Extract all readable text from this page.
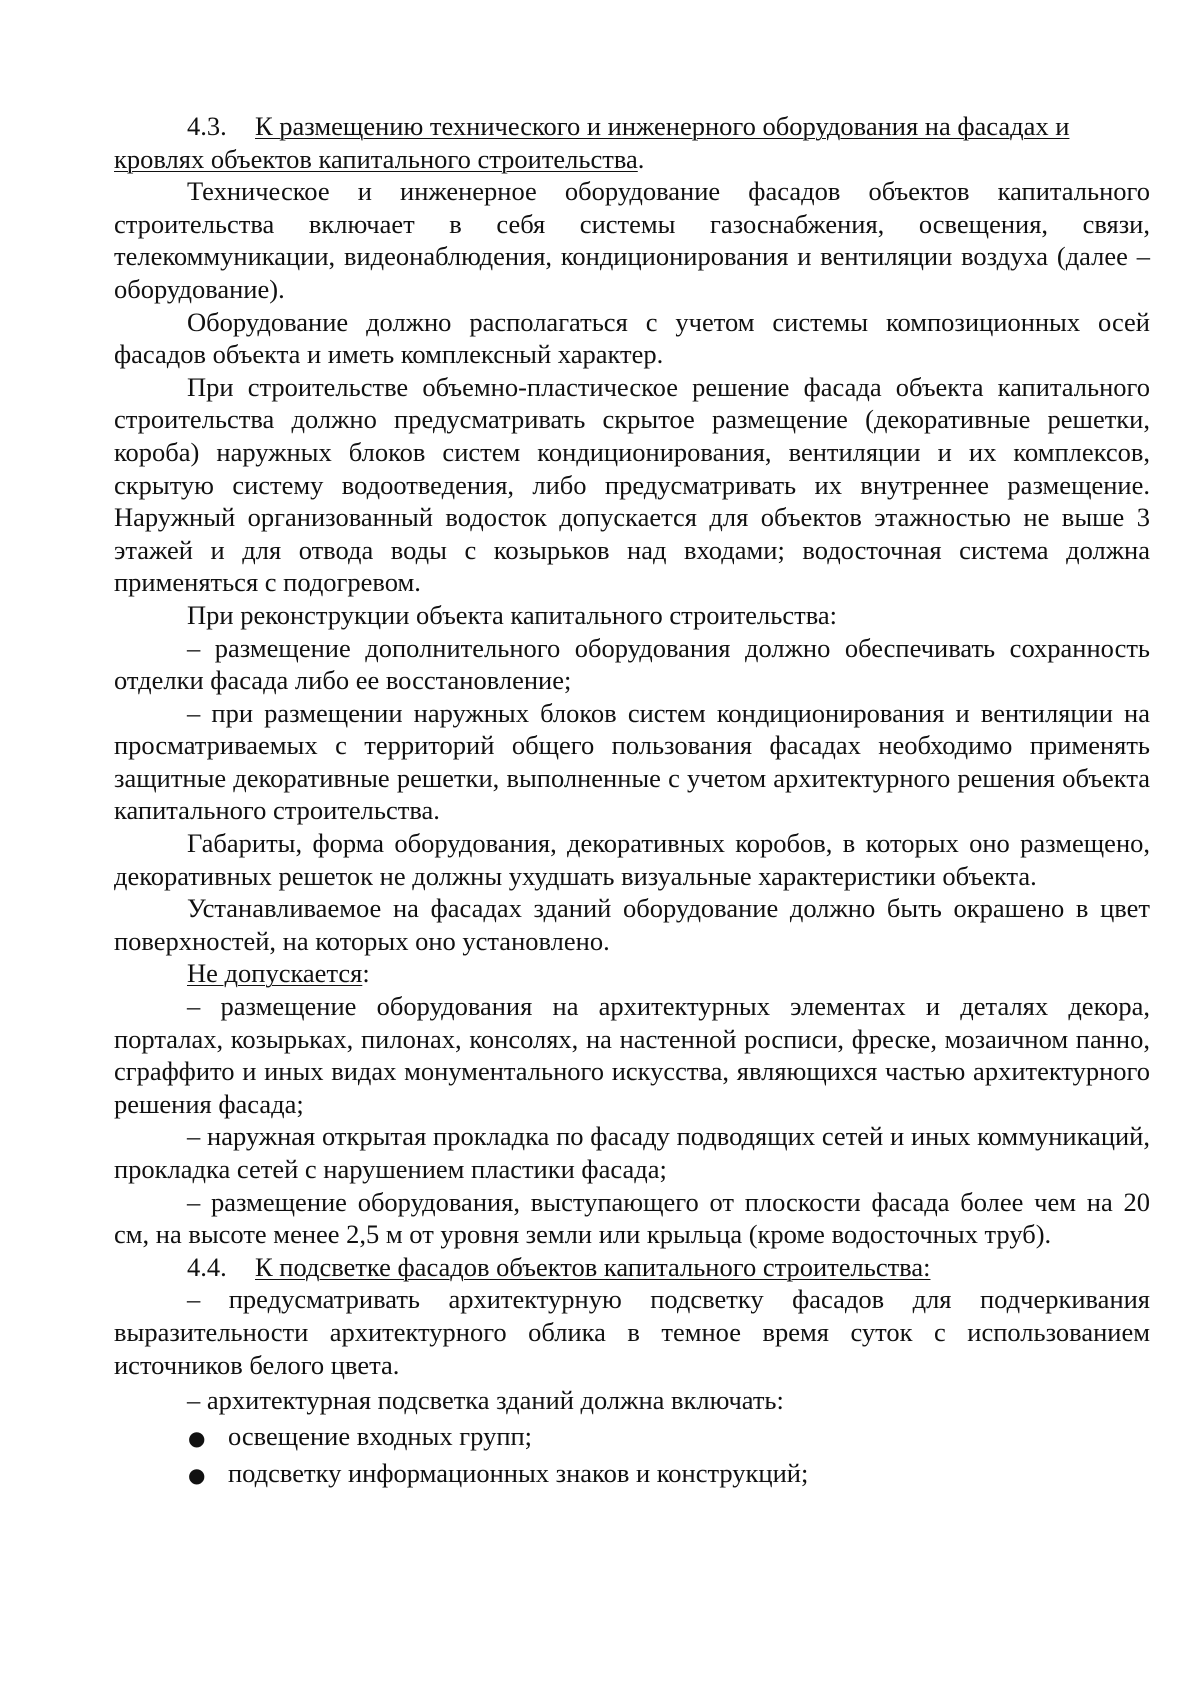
4.3. К размещению технического и инженерного оборудования на фасадах и кровлях объектов капитального строительства.

Техническое и инженерное оборудование фасадов объектов капитального строительства включает в себя системы газоснабжения, освещения, связи, телекоммуникации, видеонаблюдения, кондиционирования и вентиляции воздуха (далее – оборудование).

Оборудование должно располагаться с учетом системы композиционных осей фасадов объекта и иметь комплексный характер.

При строительстве объемно-пластическое решение фасада объекта капитального строительства должно предусматривать скрытое размещение (декоративные решетки, короба) наружных блоков систем кондиционирования, вентиляции и их комплексов, скрытую систему водоотведения, либо предусматривать их внутреннее размещение. Наружный организованный водосток допускается для объектов этажностью не выше 3 этажей и для отвода воды с козырьков над входами; водосточная система должна применяться с подогревом.

При реконструкции объекта капитального строительства:

– размещение дополнительного оборудования должно обеспечивать сохранность отделки фасада либо ее восстановление;

– при размещении наружных блоков систем кондиционирования и вентиляции на просматриваемых с территорий общего пользования фасадах необходимо применять защитные декоративные решетки, выполненные с учетом архитектурного решения объекта капитального строительства.

Габариты, форма оборудования, декоративных коробов, в которых оно размещено, декоративных решеток не должны ухудшать визуальные характеристики объекта.

Устанавливаемое на фасадах зданий оборудование должно быть окрашено в цвет поверхностей, на которых оно установлено.

Не допускается:

– размещение оборудования на архитектурных элементах и деталях декора, порталах, козырьках, пилонах, консолях, на настенной росписи, фреске, мозаичном панно, сграффито и иных видах монументального искусства, являющихся частью архитектурного решения фасада;

– наружная открытая прокладка по фасаду подводящих сетей и иных коммуникаций, прокладка сетей с нарушением пластики фасада;

– размещение оборудования, выступающего от плоскости фасада более чем на 20 см, на высоте менее 2,5 м от уровня земли или крыльца (кроме водосточных труб).

4.4. К подсветке фасадов объектов капитального строительства:

– предусматривать архитектурную подсветку фасадов для подчеркивания выразительности архитектурного облика в темное время суток с использованием источников белого цвета.

– архитектурная подсветка зданий должна включать:

● освещение входных групп;
● подсветку информационных знаков и конструкций;
